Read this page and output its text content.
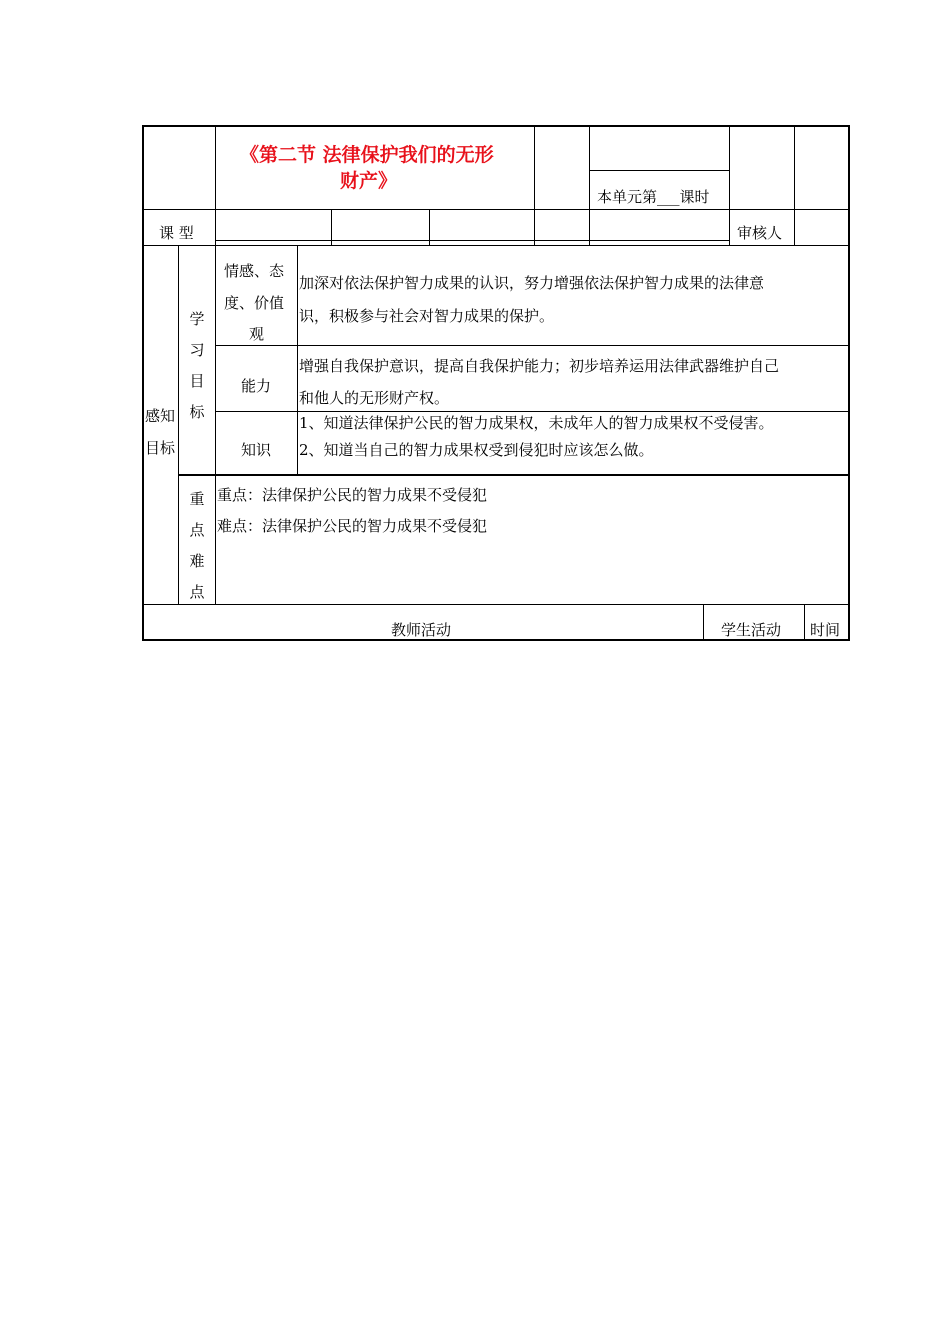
《第二节 法律保护我们的无形
财产》
本单元第___课时
课 型	审核人
感知
目标
学
习
目
标
情感、态
度、价值
观
加深对依法保护智力成果的认识，努力增强依法保护智力成果的法律意
识，积极参与社会对智力成果的保护。
能力
增强自我保护意识，提高自我保护能力；初步培养运用法律武器维护自己
和他人的无形财产权。
知识
1、知道法律保护公民的智力成果权，未成年人的智力成果权不受侵害。
2、知道当自己的智力成果权受到侵犯时应该怎么做。
重
点
难
点
重点：法律保护公民的智力成果不受侵犯
难点：法律保护公民的智力成果不受侵犯
教师活动	学生活动 时间
